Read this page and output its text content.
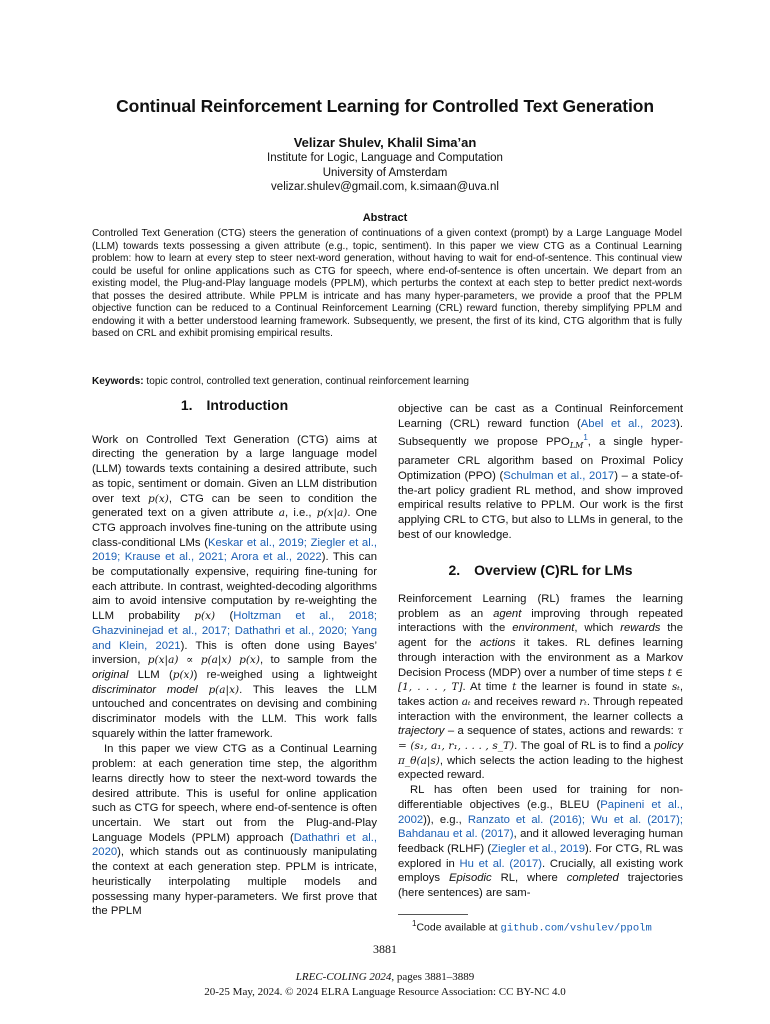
Continual Reinforcement Learning for Controlled Text Generation
Velizar Shulev, Khalil Sima’an
Institute for Logic, Language and Computation
University of Amsterdam
velizar.shulev@gmail.com, k.simaan@uva.nl
Abstract
Controlled Text Generation (CTG) steers the generation of continuations of a given context (prompt) by a Large Language Model (LLM) towards texts possessing a given attribute (e.g., topic, sentiment). In this paper we view CTG as a Continual Learning problem: how to learn at every step to steer next-word generation, without having to wait for end-of-sentence. This continual view could be useful for online applications such as CTG for speech, where end-of-sentence is often uncertain. We depart from an existing model, the Plug-and-Play language models (PPLM), which perturbs the context at each step to better predict next-words that posses the desired attribute. While PPLM is intricate and has many hyper-parameters, we provide a proof that the PPLM objective function can be reduced to a Continual Reinforcement Learning (CRL) reward function, thereby simplifying PPLM and endowing it with a better understood learning framework. Subsequently, we present, the first of its kind, CTG algorithm that is fully based on CRL and exhibit promising empirical results.
Keywords: topic control, controlled text generation, continual reinforcement learning

1. Introduction

Work on Controlled Text Generation (CTG) aims at directing the generation by a large language model (LLM) towards texts containing a desired attribute, such as topic, sentiment or domain. Given an LLM distribution over text p(x), CTG can be seen to condition the generated text on a given attribute a, i.e., p(x|a). One CTG approach involves fine-tuning on the attribute using class-conditional LMs (Keskar et al., 2019; Ziegler et al., 2019; Krause et al., 2021; Arora et al., 2022). This can be computationally expensive, requiring fine-tuning for each attribute. In contrast, weighted-decoding algorithms aim to avoid intensive computation by re-weighting the LLM probability p(x) (Holtzman et al., 2018; Ghazvininejad et al., 2017; Dathathri et al., 2020; Yang and Klein, 2021). This is often done using Bayes’ inversion, p(x|a) ∝ p(a|x) p(x), to sample from the original LLM (p(x)) re-weighed using a lightweight discriminator model p(a|x). This leaves the LLM untouched and concentrates on devising and combining discriminator models with the LLM. This work falls squarely within the latter framework.

In this paper we view CTG as a Continual Learning problem: at each generation time step, the algorithm learns directly how to steer the next-word towards the desired attribute. This is useful for online application such as CTG for speech, where end-of-sentence is often uncertain. We start out from the Plug-and-Play Language Models (PPLM) approach (Dathathri et al., 2020), which stands out as continuously manipulating the context at each generation step. PPLM is intricate, heuristically interpolating multiple models and possessing many hyper-parameters. We first prove that the PPLM

objective can be cast as a Continual Reinforcement Learning (CRL) reward function (Abel et al., 2023). Subsequently we propose $PPO_{LM}^1$, a single hyper-parameter CRL algorithm based on Proximal Policy Optimization (PPO) (Schulman et al., 2017) – a state-of-the-art policy gradient RL method, and show improved empirical results relative to PPLM. Our work is the first applying CRL to CTG, but also to LLMs in general, to the best of our knowledge.

2. Overview (C)RL for LMs

Reinforcement Learning (RL) frames the learning problem as an agent improving through repeated interactions with the environment, which rewards the agent for the actions it takes. RL defines learning through interaction with the environment as a Markov Decision Process (MDP) over a number of time steps t ∈ [1, . . . , T]. At time t the learner is found in state sₜ, takes action aₜ and receives reward rₜ. Through repeated interaction with the environment, the learner collects a trajectory – a sequence of states, actions and rewards: τ = (s₁, a₁, r₁, . . . , s_T). The goal of RL is to find a policy π_θ(a|s), which selects the action leading to the highest expected reward.

RL has often been used for training for non-differentiable objectives (e.g., BLEU (Papineni et al., 2002)), e.g., Ranzato et al. (2016); Wu et al. (2017); Bahdanau et al. (2017), and it allowed leveraging human feedback (RLHF) (Ziegler et al., 2019). For CTG, RL was explored in Hu et al. (2017). Crucially, all existing work employs Episodic RL, where completed trajectories (here sentences) are sam-

$^1$Code available at github.com/vshulev/ppolm
3881
LREC-COLING 2024, pages 3881–3889
20-25 May, 2024. © 2024 ELRA Language Resource Association: CC BY-NC 4.0
